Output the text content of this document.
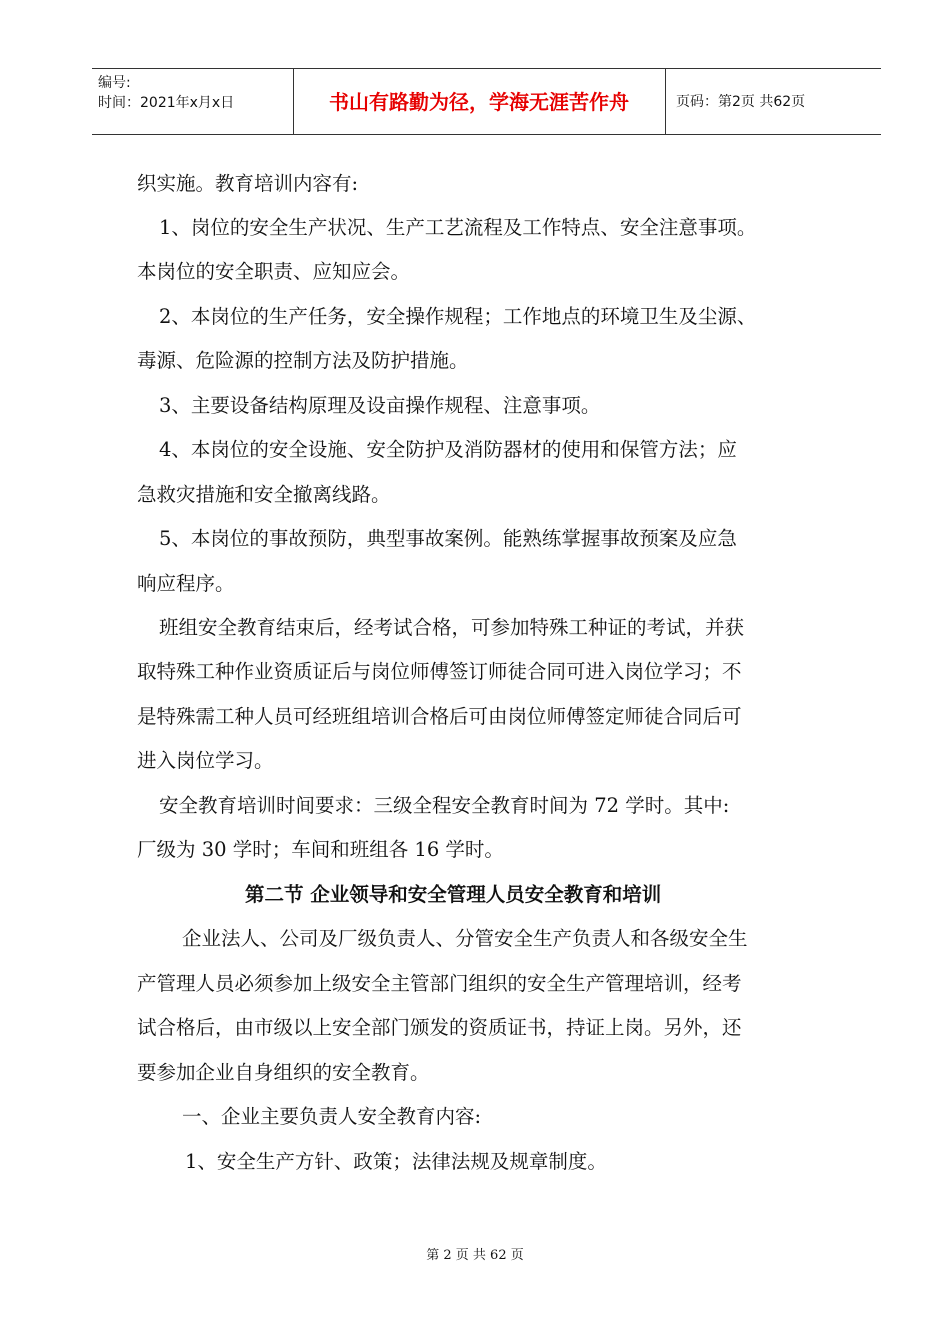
编号:
时间：2021年x月x日	书山有路勤为径，学海无涯苦作舟	页码：第2页 共62页
织实施。教育培训内容有:
1、岗位的安全生产状况、生产工艺流程及工作特点、安全注意事项。
本岗位的安全职责、应知应会。
2、本岗位的生产任务，安全操作规程；工作地点的环境卫生及尘源、
毒源、危险源的控制方法及防护措施。
3、主要设备结构原理及设亩操作规程、注意事项。
4、本岗位的安全设施、安全防护及消防器材的使用和保管方法；应
急救灾措施和安全撤离线路。
5、本岗位的事故预防，典型事故案例。能熟练掌握事故预案及应急
响应程序。
班组安全教育结束后，经考试合格，可参加特殊工种证的考试，并获
取特殊工种作业资质证后与岗位师傅签订师徒合同可进入岗位学习；不
是特殊需工种人员可经班组培训合格后可由岗位师傅签定师徒合同后可
进入岗位学习。
安全教育培训时间要求：三级全程安全教育时间为 72 学时。其中:
厂级为 30 学时；车间和班组各 16 学时。
第二节 企业领导和安全管理人员安全教育和培训
企业法人、公司及厂级负责人、分管安全生产负责人和各级安全生
产管理人员必须参加上级安全主管部门组织的安全生产管理培训，经考
试合格后，由市级以上安全部门颁发的资质证书，持证上岗。另外，还
要参加企业自身组织的安全教育。
一、企业主要负责人安全教育内容:
1、安全生产方针、政策；法律法规及规章制度。
第 2 页 共 62 页
